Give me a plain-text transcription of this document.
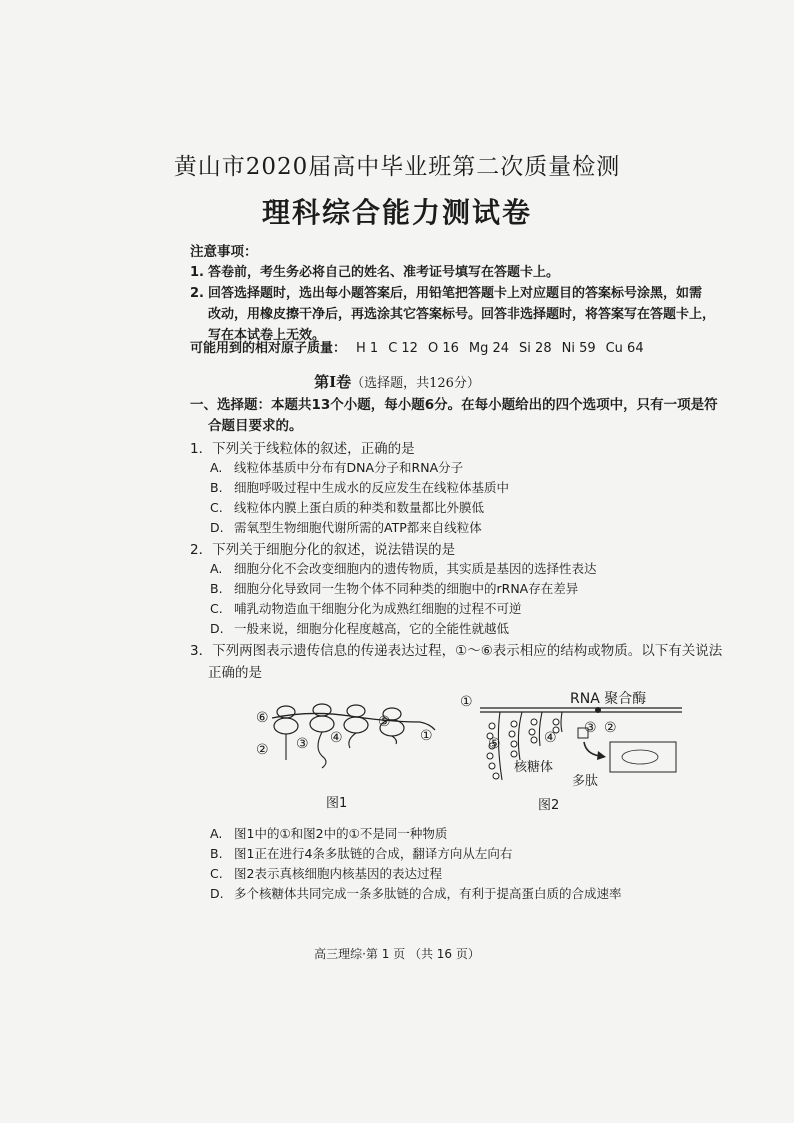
黄山市2020届高中毕业班第二次质量检测
理科综合能力测试卷
注意事项：
1. 答卷前，考生务必将自己的姓名、准考证号填写在答题卡上。
2. 回答选择题时，选出每小题答案后，用铅笔把答题卡上对应题目的答案标号涂黑，如需
改动，用橡皮擦干净后，再选涂其它答案标号。回答非选择题时，将答案写在答题卡上，
写在本试卷上无效。
可能用到的相对原子质量： H 1 C 12 O 16 Mg 24 Si 28 Ni 59 Cu 64
第Ⅰ卷（选择题，共126分）
一、选择题：本题共13个小题，每小题6分。在每小题给出的四个选项中，只有一项是符
合题目要求的。
1．下列关于线粒体的叙述，正确的是
A. 线粒体基质中分布有DNA分子和RNA分子
B. 细胞呼吸过程中生成水的反应发生在线粒体基质中
C. 线粒体内膜上蛋白质的种类和数量都比外膜低
D. 需氧型生物细胞代谢所需的ATP都来自线粒体
2．下列关于细胞分化的叙述，说法错误的是
A. 细胞分化不会改变细胞内的遗传物质，其实质是基因的选择性表达
B. 细胞分化导致同一生物个体不同种类的细胞中的rRNA存在差异
C. 哺乳动物造血干细胞分化为成熟红细胞的过程不可逆
D. 一般来说，细胞分化程度越高，它的全能性就越低
3．下列两图表示遗传信息的传递表达过程，①～⑥表示相应的结构或物质。以下有关说法
正确的是
⑥
② ③ ④
⑤
①
图1
RNA 聚合酶
①
②
③
④
⑤
核糖体
多肽
图2
A. 图1中的①和图2中的①不是同一种物质
B. 图1正在进行4条多肽链的合成，翻译方向从左向右
C. 图2表示真核细胞内核基因的表达过程
D. 多个核糖体共同完成一条多肽链的合成，有利于提高蛋白质的合成速率
高三理综·第 1 页 （共 16 页）
